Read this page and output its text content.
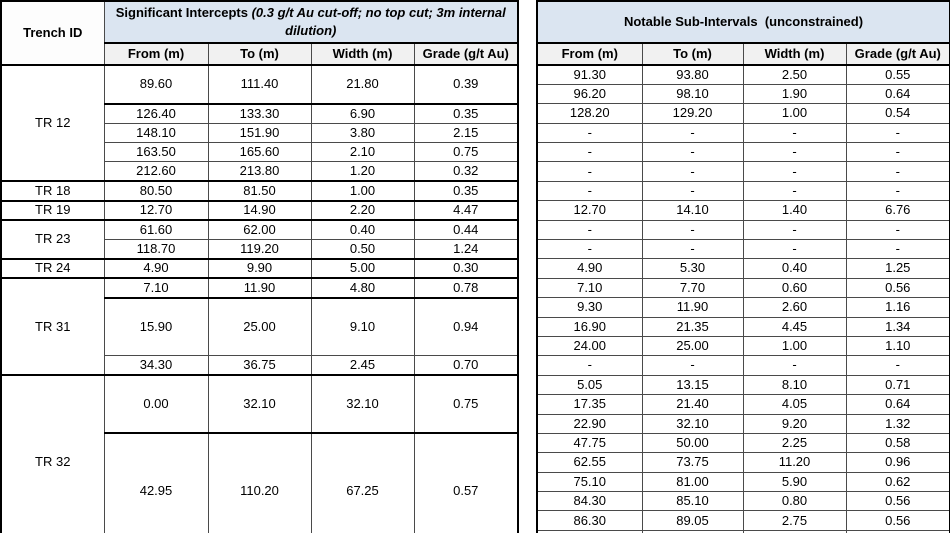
Trench ID	Significant Intercepts (0.3 g/t Au cut-off; no top cut; 3m internal dilution)			
	From (m)	To (m)	Width (m)	Grade (g/t Au)
TR 12	89.60	111.40	21.80	0.39

	126.40	133.30	6.90	0.35
	148.10	151.90	3.80	2.15
	163.50	165.60	2.10	0.75
	212.60	213.80	1.20	0.32
TR 18	80.50	81.50	1.00	0.35
TR 19	12.70	14.90	2.20	4.47
TR 23	61.60	62.00	0.40	0.44
	118.70	119.20	0.50	1.24
TR 24	4.90	9.90	5.00	0.30
TR 31	7.10	11.90	4.80	0.78
	15.90	25.00	9.10	0.94

	34.30	36.75	2.45	0.70
TR 32	0.00	32.10	32.10	0.75

	42.95	110.20	67.25	0.57

Notable Sub-Intervals  (unconstrained)			
From (m)	To (m)	Width (m)	Grade (g/t Au)
91.30	93.80	2.50	0.55
96.20	98.10	1.90	0.64
128.20	129.20	1.00	0.54
-	-	-	-
-	-	-	-
-	-	-	-
-	-	-	-
12.70	14.10	1.40	6.76
-	-	-	-
-	-	-	-
4.90	5.30	0.40	1.25
7.10	7.70	0.60	0.56
9.30	11.90	2.60	1.16
16.90	21.35	4.45	1.34
24.00	25.00	1.00	1.10
-	-	-	-
5.05	13.15	8.10	0.71
17.35	21.40	4.05	0.64
22.90	32.10	9.20	1.32
47.75	50.00	2.25	0.58
62.55	73.75	11.20	0.96
75.10	81.00	5.90	0.62
84.30	85.10	0.80	0.56
86.30	89.05	2.75	0.56
